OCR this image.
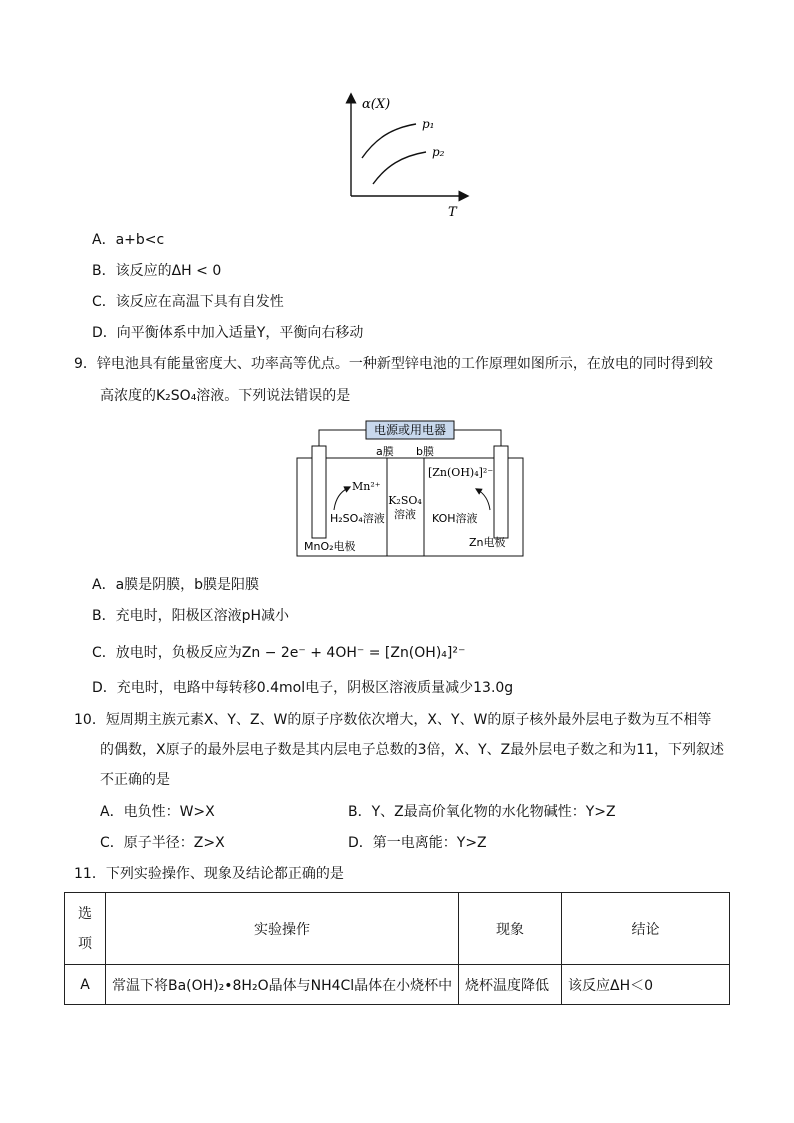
α(X)
T
p₁
p₂
A．a+b<c
B．该反应的ΔH < 0
C．该反应在高温下具有自发性
D．向平衡体系中加入适量Y，平衡向右移动
9．锌电池具有能量密度大、功率高等优点。一种新型锌电池的工作原理如图所示，在放电的同时得到较
高浓度的K₂SO₄溶液。下列说法错误的是
电源或用电器
a膜 b膜
Mn²⁺
[Zn(OH)₄]²⁻
H₂SO₄溶液
K₂SO₄
溶液 KOH溶液
MnO₂电极	Zn电极
A．a膜是阴膜，b膜是阳膜
B．充电时，阳极区溶液pH减小
C．放电时，负极反应为Zn − 2e⁻ + 4OH⁻ = [Zn(OH)₄]²⁻
D．充电时，电路中每转移0.4mol电子，阴极区溶液质量减少13.0g
10．短周期主族元素X、Y、Z、W的原子序数依次增大，X、Y、W的原子核外最外层电子数为互不相等
的偶数，X原子的最外层电子数是其内层电子总数的3倍，X、Y、Z最外层电子数之和为11，下列叙述
不正确的是
A．电负性：W>X	B．Y、Z最高价氧化物的水化物碱性：Y>Z
C．原子半径：Z>X	D．第一电离能：Y>Z
11．下列实验操作、现象及结论都正确的是
选项	实验操作	现象	结论
A	常温下将Ba(OH)₂•8H₂O晶体与NH4Cl晶体在小烧杯中	烧杯温度降低	该反应ΔH＜0
